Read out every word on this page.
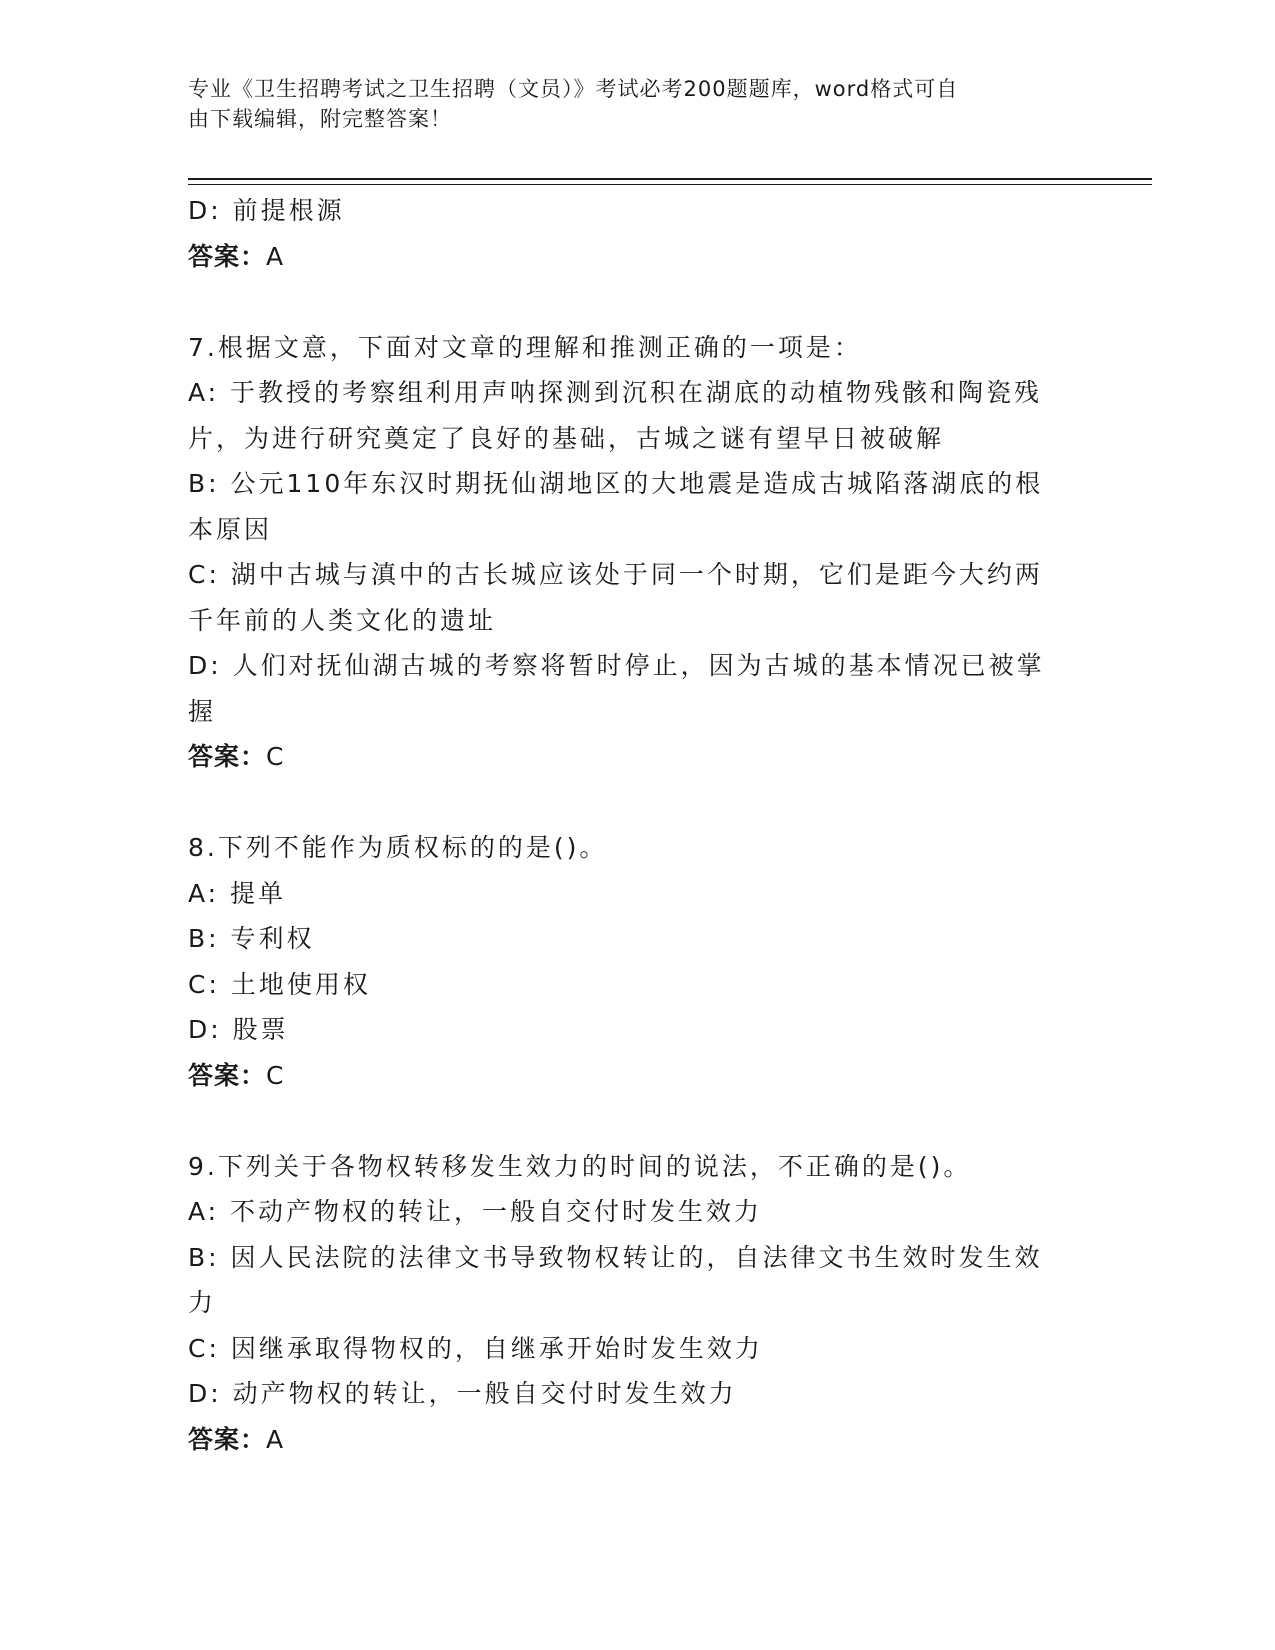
专业《卫生招聘考试之卫生招聘（文员）》考试必考200题题库，word格式可自
由下载编辑，附完整答案！
D: 前提根源
答案：A
7.根据文意，下面对文章的理解和推测正确的一项是：
A: 于教授的考察组利用声呐探测到沉积在湖底的动植物残骸和陶瓷残
片，为进行研究奠定了良好的基础，古城之谜有望早日被破解
B: 公元110年东汉时期抚仙湖地区的大地震是造成古城陷落湖底的根
本原因
C: 湖中古城与滇中的古长城应该处于同一个时期，它们是距今大约两
千年前的人类文化的遗址
D: 人们对抚仙湖古城的考察将暂时停止，因为古城的基本情况已被掌
握
答案：C
8.下列不能作为质权标的的是()。
A: 提单
B: 专利权
C: 土地使用权
D: 股票
答案：C
9.下列关于各物权转移发生效力的时间的说法，不正确的是()。
A: 不动产物权的转让，一般自交付时发生效力
B: 因人民法院的法律文书导致物权转让的，自法律文书生效时发生效
力
C: 因继承取得物权的，自继承开始时发生效力
D: 动产物权的转让，一般自交付时发生效力
答案：A
